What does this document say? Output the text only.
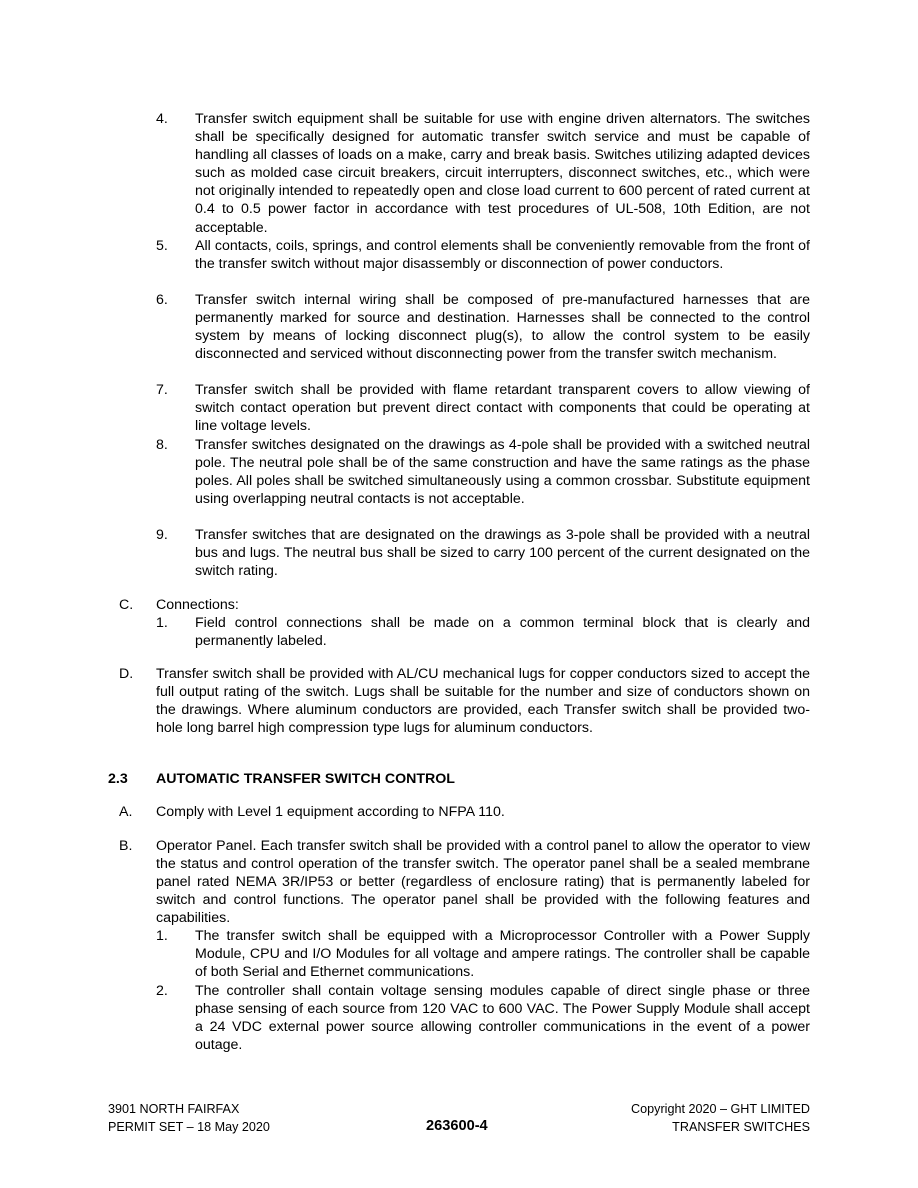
4. Transfer switch equipment shall be suitable for use with engine driven alternators. The switches shall be specifically designed for automatic transfer switch service and must be capable of handling all classes of loads on a make, carry and break basis. Switches utilizing adapted devices such as molded case circuit breakers, circuit interrupters, disconnect switches, etc., which were not originally intended to repeatedly open and close load current to 600 percent of rated current at 0.4 to 0.5 power factor in accordance with test procedures of UL-508, 10th Edition, are not acceptable.
5. All contacts, coils, springs, and control elements shall be conveniently removable from the front of the transfer switch without major disassembly or disconnection of power conductors.
6. Transfer switch internal wiring shall be composed of pre-manufactured harnesses that are permanently marked for source and destination. Harnesses shall be connected to the control system by means of locking disconnect plug(s), to allow the control system to be easily disconnected and serviced without disconnecting power from the transfer switch mechanism.
7. Transfer switch shall be provided with flame retardant transparent covers to allow viewing of switch contact operation but prevent direct contact with components that could be operating at line voltage levels.
8. Transfer switches designated on the drawings as 4-pole shall be provided with a switched neutral pole. The neutral pole shall be of the same construction and have the same ratings as the phase poles. All poles shall be switched simultaneously using a common crossbar. Substitute equipment using overlapping neutral contacts is not acceptable.
9. Transfer switches that are designated on the drawings as 3-pole shall be provided with a neutral bus and lugs. The neutral bus shall be sized to carry 100 percent of the current designated on the switch rating.
C. Connections:
1. Field control connections shall be made on a common terminal block that is clearly and permanently labeled.
D. Transfer switch shall be provided with AL/CU mechanical lugs for copper conductors sized to accept the full output rating of the switch. Lugs shall be suitable for the number and size of conductors shown on the drawings. Where aluminum conductors are provided, each Transfer switch shall be provided two-hole long barrel high compression type lugs for aluminum conductors.
2.3 AUTOMATIC TRANSFER SWITCH CONTROL
A. Comply with Level 1 equipment according to NFPA 110.
B. Operator Panel. Each transfer switch shall be provided with a control panel to allow the operator to view the status and control operation of the transfer switch. The operator panel shall be a sealed membrane panel rated NEMA 3R/IP53 or better (regardless of enclosure rating) that is permanently labeled for switch and control functions. The operator panel shall be provided with the following features and capabilities.
1. The transfer switch shall be equipped with a Microprocessor Controller with a Power Supply Module, CPU and I/O Modules for all voltage and ampere ratings. The controller shall be capable of both Serial and Ethernet communications.
2. The controller shall contain voltage sensing modules capable of direct single phase or three phase sensing of each source from 120 VAC to 600 VAC. The Power Supply Module shall accept a 24 VDC external power source allowing controller communications in the event of a power outage.
3901 NORTH FAIRFAX
PERMIT SET – 18 May 2020	263600-4
Copyright 2020 – GHT LIMITED
TRANSFER SWITCHES
